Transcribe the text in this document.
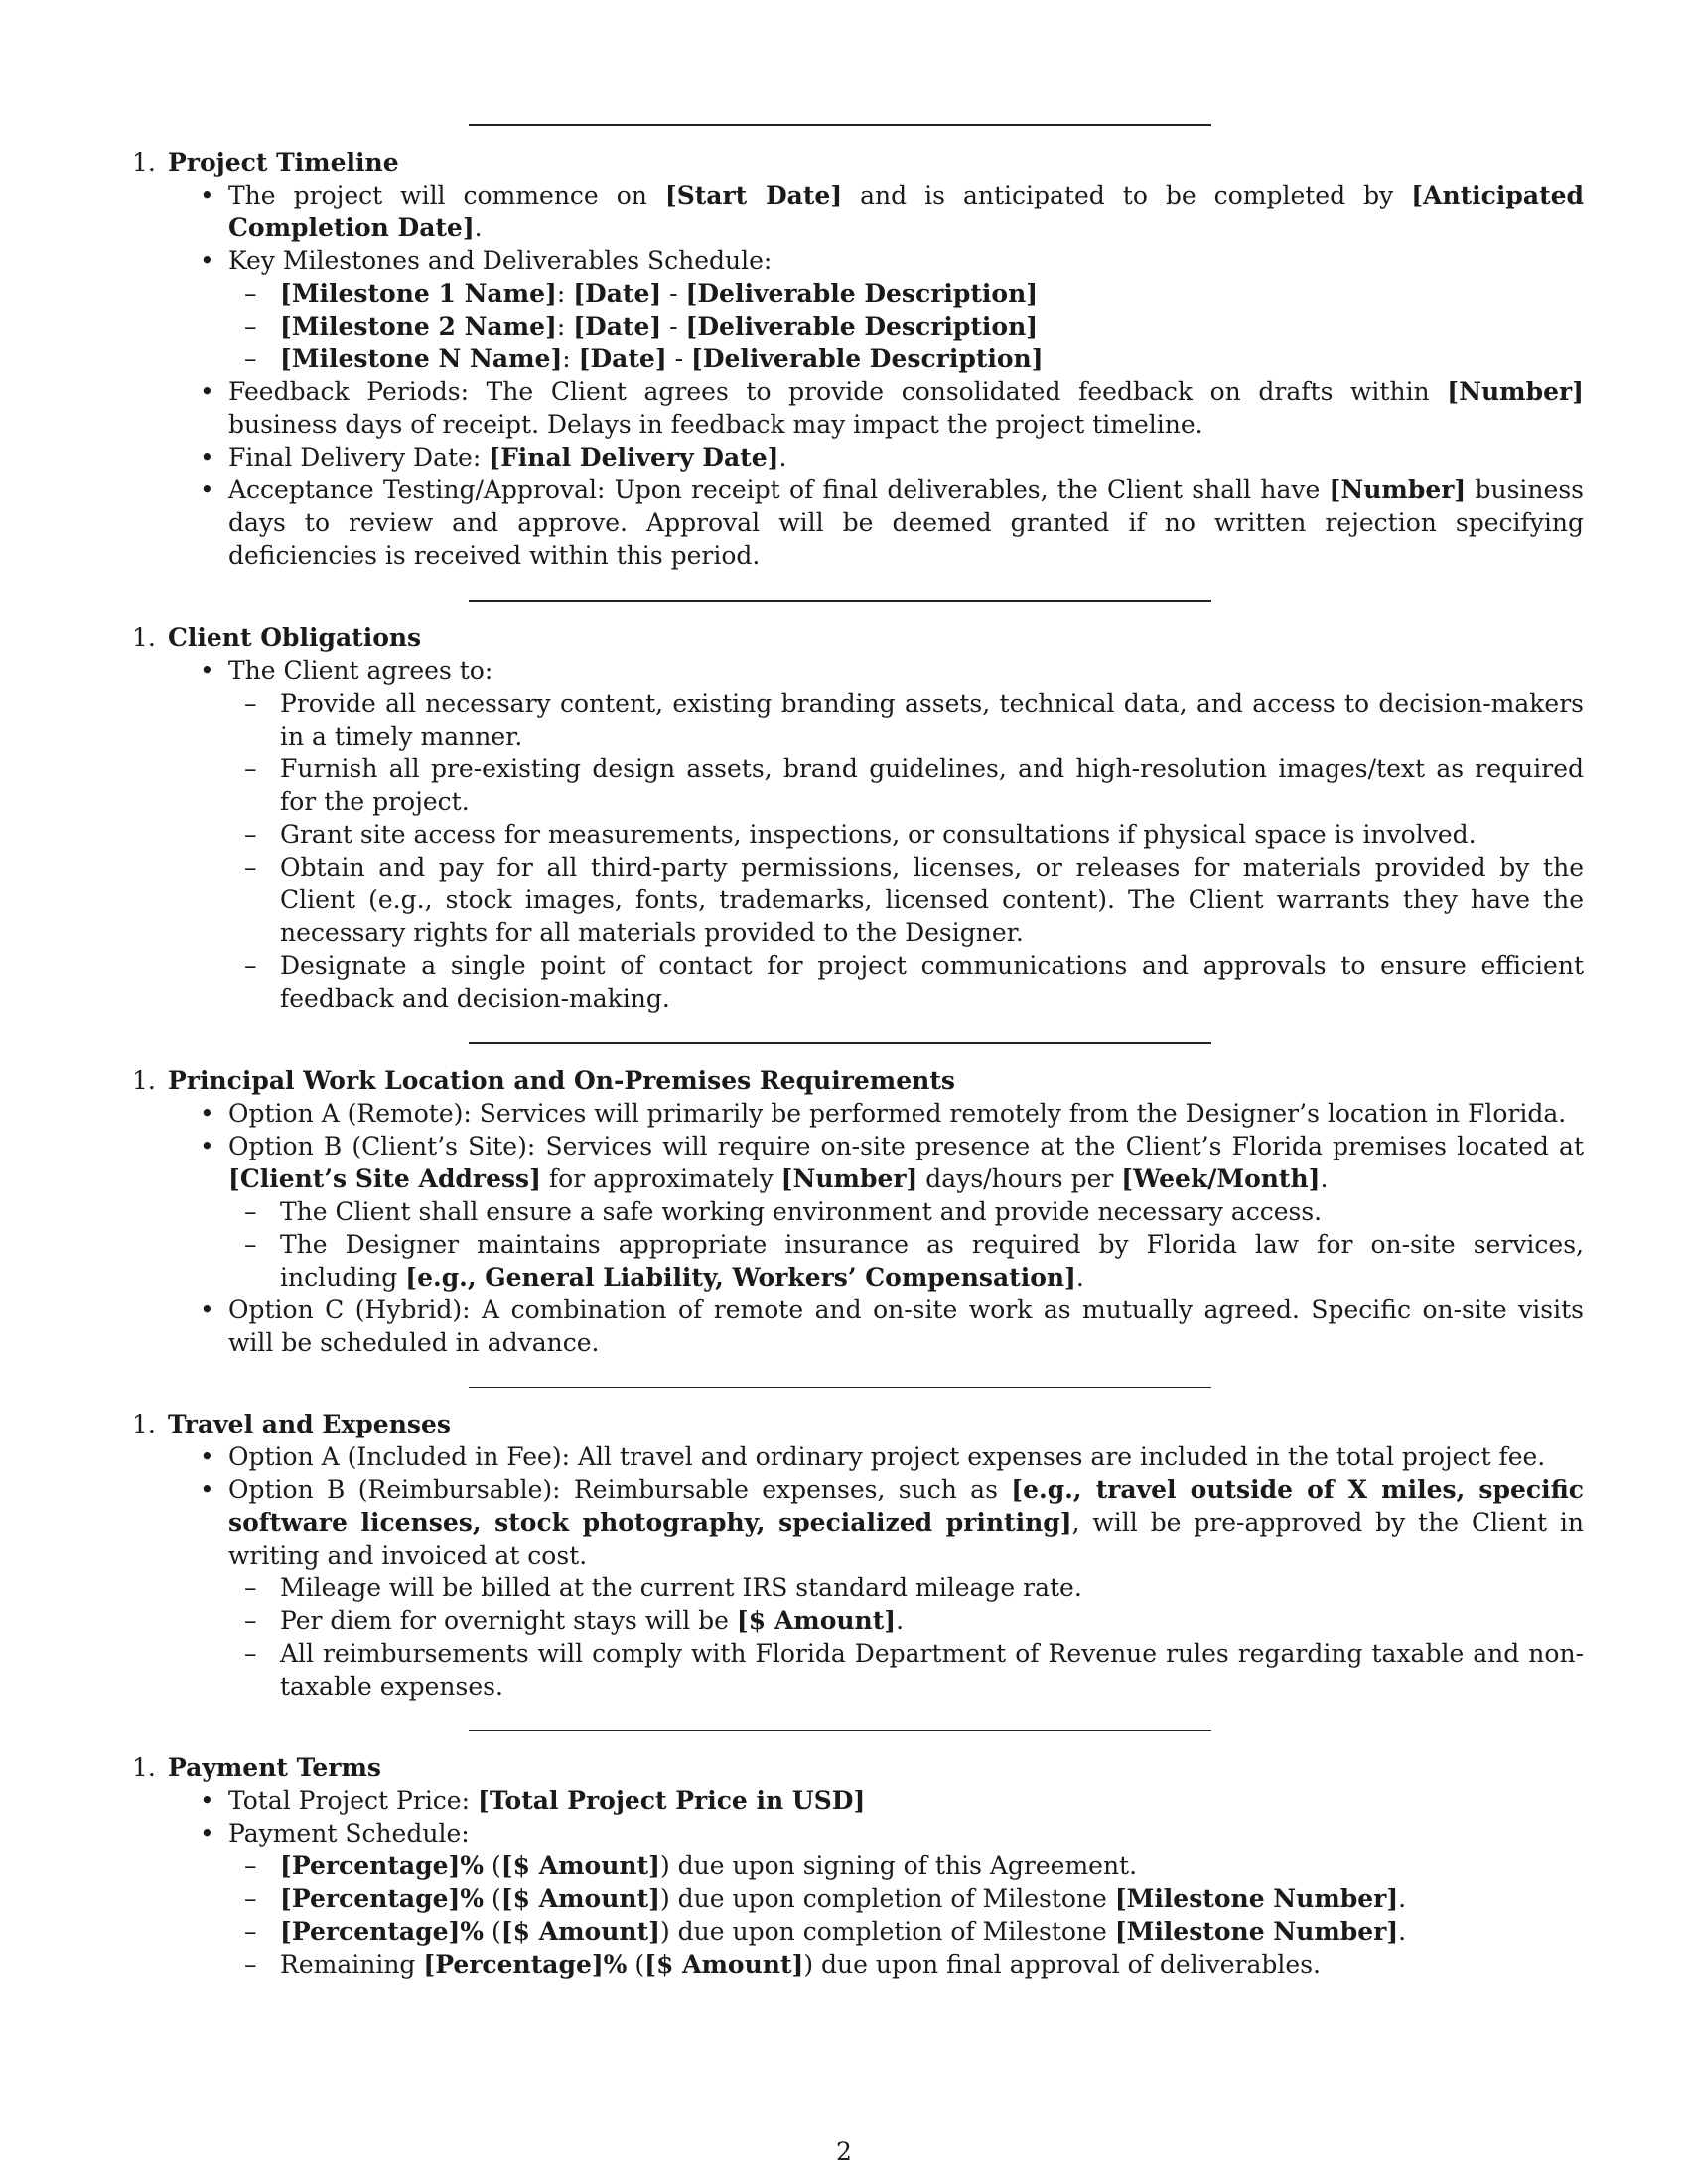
1. Project Timeline
• The project will commence on [Start Date] and is anticipated to be completed by [Anticipated Completion Date].
• Key Milestones and Deliverables Schedule:
– [Milestone 1 Name]: [Date] - [Deliverable Description]
– [Milestone 2 Name]: [Date] - [Deliverable Description]
– [Milestone N Name]: [Date] - [Deliverable Description]
• Feedback Periods: The Client agrees to provide consolidated feedback on drafts within [Number] business days of receipt. Delays in feedback may impact the project timeline.
• Final Delivery Date: [Final Delivery Date].
• Acceptance Testing/Approval: Upon receipt of final deliverables, the Client shall have [Number] business days to review and approve. Approval will be deemed granted if no written rejection specifying deficiencies is received within this period.
1. Client Obligations
• The Client agrees to:
– Provide all necessary content, existing branding assets, technical data, and access to decision-makers in a timely manner.
– Furnish all pre-existing design assets, brand guidelines, and high-resolution images/text as required for the project.
– Grant site access for measurements, inspections, or consultations if physical space is involved.
– Obtain and pay for all third-party permissions, licenses, or releases for materials provided by the Client (e.g., stock images, fonts, trademarks, licensed content). The Client warrants they have the necessary rights for all materials provided to the Designer.
– Designate a single point of contact for project communications and approvals to ensure efficient feedback and decision-making.
1. Principal Work Location and On-Premises Requirements
• Option A (Remote): Services will primarily be performed remotely from the Designer’s location in Florida.
• Option B (Client’s Site): Services will require on-site presence at the Client’s Florida premises located at [Client’s Site Address] for approximately [Number] days/hours per [Week/Month].
– The Client shall ensure a safe working environment and provide necessary access.
– The Designer maintains appropriate insurance as required by Florida law for on-site services, including [e.g., General Liability, Workers’ Compensation].
• Option C (Hybrid): A combination of remote and on-site work as mutually agreed. Specific on-site visits will be scheduled in advance.
1. Travel and Expenses
• Option A (Included in Fee): All travel and ordinary project expenses are included in the total project fee.
• Option B (Reimbursable): Reimbursable expenses, such as [e.g., travel outside of X miles, specific software licenses, stock photography, specialized printing], will be pre-approved by the Client in writing and invoiced at cost.
– Mileage will be billed at the current IRS standard mileage rate.
– Per diem for overnight stays will be [$ Amount].
– All reimbursements will comply with Florida Department of Revenue rules regarding taxable and non-taxable expenses.
1. Payment Terms
• Total Project Price: [Total Project Price in USD]
• Payment Schedule:
– [Percentage]% ([$ Amount]) due upon signing of this Agreement.
– [Percentage]% ([$ Amount]) due upon completion of Milestone [Milestone Number].
– [Percentage]% ([$ Amount]) due upon completion of Milestone [Milestone Number].
– Remaining [Percentage]% ([$ Amount]) due upon final approval of deliverables.
2
